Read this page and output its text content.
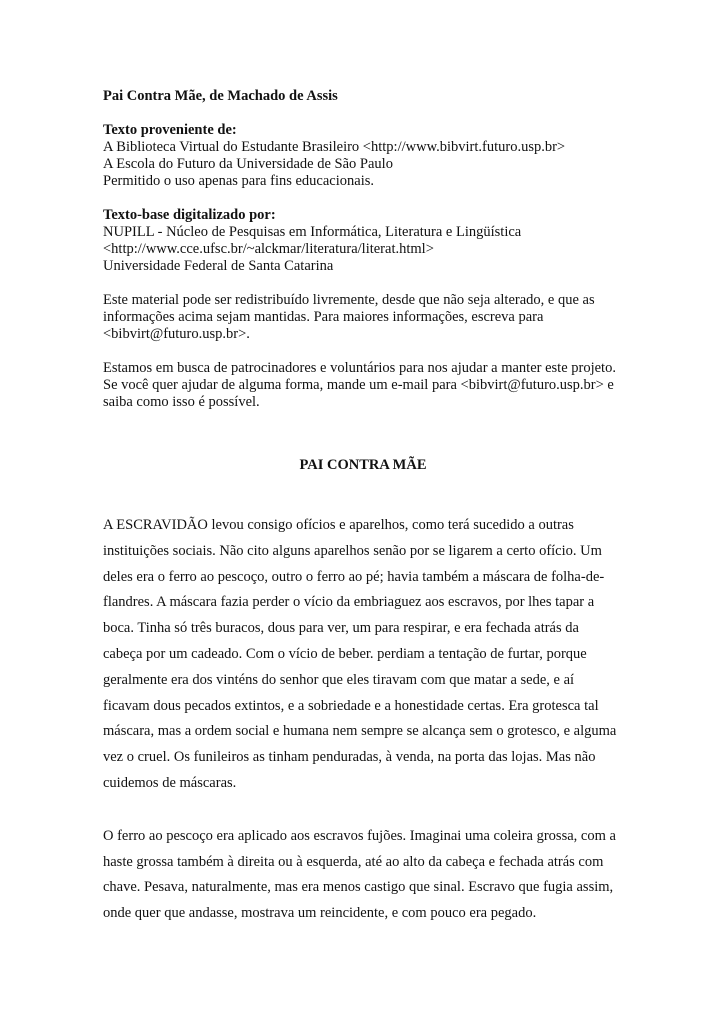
Pai Contra Mãe, de Machado de Assis

Texto proveniente de:

A Biblioteca Virtual do Estudante Brasileiro <http://www.bibvirt.futuro.usp.br>

A Escola do Futuro da Universidade de São Paulo

Permitido o uso apenas para fins educacionais.

Texto-base digitalizado por:

NUPILL - Núcleo de Pesquisas em Informática, Literatura e Lingüística

<http://www.cce.ufsc.br/~alckmar/literatura/literat.html>

Universidade Federal de Santa Catarina

Este material pode ser redistribuído livremente, desde que não seja alterado, e que as

informações acima sejam mantidas. Para maiores informações, escreva para

<bibvirt@futuro.usp.br>.

Estamos em busca de patrocinadores e voluntários para nos ajudar a manter este projeto.

Se você quer ajudar de alguma forma, mande um e-mail para <bibvirt@futuro.usp.br> e

saiba como isso é possível.

PAI CONTRA MÃE

A ESCRAVIDÃO levou consigo ofícios e aparelhos, como terá sucedido a outras

instituições sociais. Não cito alguns aparelhos senão por se ligarem a certo ofício. Um

deles era o ferro ao pescoço, outro o ferro ao pé; havia também a máscara de folha-de-

flandres. A máscara fazia perder o vício da embriaguez aos escravos, por lhes tapar a

boca. Tinha só três buracos, dous para ver, um para respirar, e era fechada atrás da

cabeça por um cadeado. Com o vício de beber. perdiam a tentação de furtar, porque

geralmente era dos vinténs do senhor que eles tiravam com que matar a sede, e aí

ficavam dous pecados extintos, e a sobriedade e a honestidade certas. Era grotesca tal

máscara, mas a ordem social e humana nem sempre se alcança sem o grotesco, e alguma

vez o cruel. Os funileiros as tinham penduradas, à venda, na porta das lojas. Mas não

cuidemos de máscaras.

O ferro ao pescoço era aplicado aos escravos fujões. Imaginai uma coleira grossa, com a

haste grossa também à direita ou à esquerda, até ao alto da cabeça e fechada atrás com

chave. Pesava, naturalmente, mas era menos castigo que sinal. Escravo que fugia assim,

onde quer que andasse, mostrava um reincidente, e com pouco era pegado.
